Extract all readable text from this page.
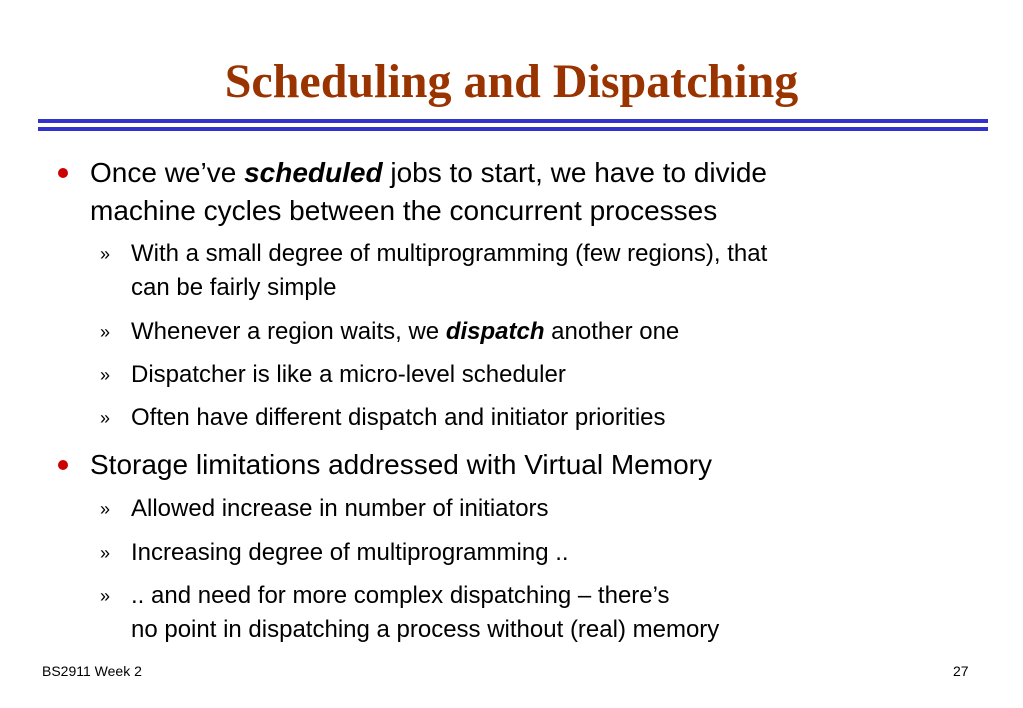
Scheduling and Dispatching
Once we’ve scheduled jobs to start, we have to divide
machine cycles between the concurrent processes
» With a small degree of multiprogramming (few regions), that
can be fairly simple
» Whenever a region waits, we dispatch another one
» Dispatcher is like a micro-level scheduler
» Often have different dispatch and initiator priorities
Storage limitations addressed with Virtual Memory
» Allowed increase in number of initiators
» Increasing degree of multiprogramming ..
» .. and need for more complex dispatching – there’s
no point in dispatching a process without (real) memory
BS2911 Week 2	27
